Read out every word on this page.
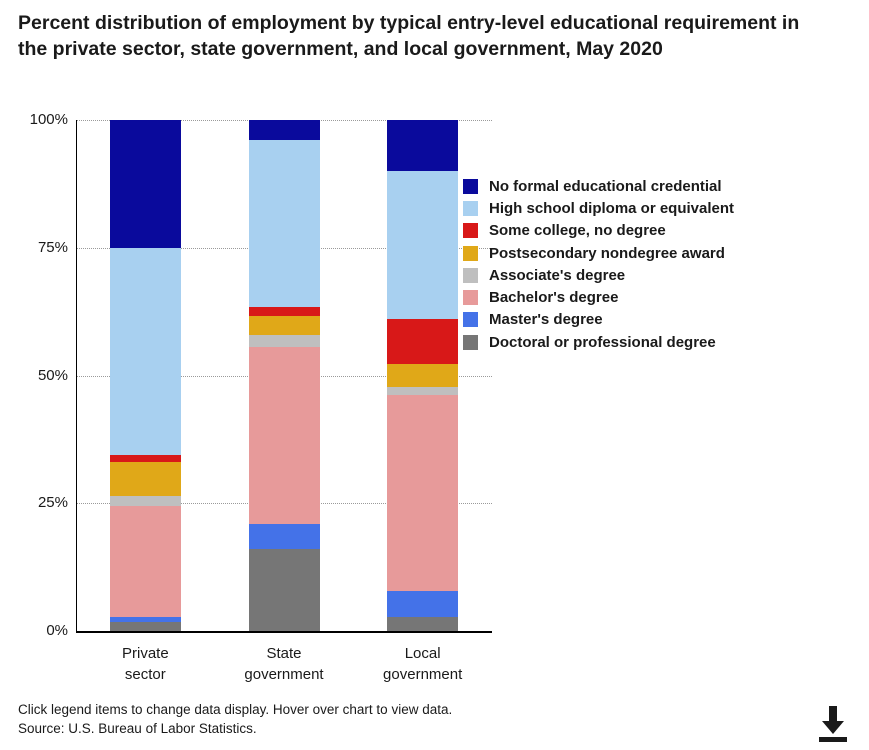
Percent distribution of employment by typical entry-level educational requirement in the private sector, state government, and local government, May 2020
0%
25%
50%
75%
100%
Private
sector
State
government
Local
government
No formal educational credential
High school diploma or equivalent
Some college, no degree
Postsecondary nondegree award
Associate's degree
Bachelor's degree
Master's degree
Doctoral or professional degree
Click legend items to change data display. Hover over chart to view data.
Source: U.S. Bureau of Labor Statistics.
